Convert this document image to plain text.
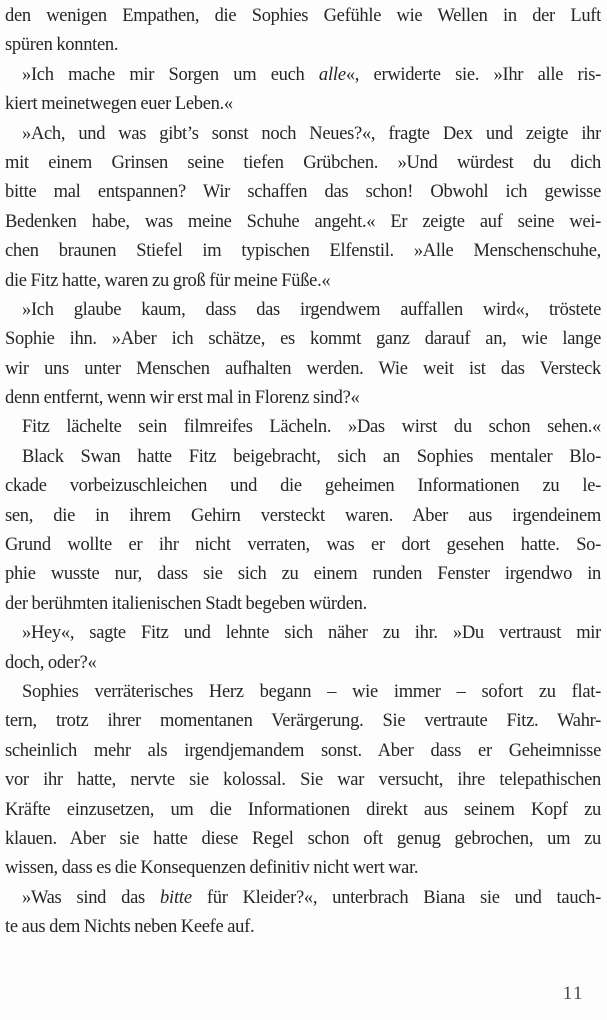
den wenigen Empathen, die Sophies Gefühle wie Wellen in der Luft
spüren konnten.
»Ich mache mir Sorgen um euch alle«, erwiderte sie. »Ihr alle ris-
kiert meinetwegen euer Leben.«
»Ach, und was gibt’s sonst noch Neues?«, fragte Dex und zeigte ihr
mit einem Grinsen seine tiefen Grübchen. »Und würdest du dich
bitte mal entspannen? Wir schaffen das schon! Obwohl ich gewisse
Bedenken habe, was meine Schuhe angeht.« Er zeigte auf seine wei-
chen braunen Stiefel im typischen Elfenstil. »Alle Menschenschuhe,
die Fitz hatte, waren zu groß für meine Füße.«
»Ich glaube kaum, dass das irgendwem auffallen wird«, tröstete
Sophie ihn. »Aber ich schätze, es kommt ganz darauf an, wie lange
wir uns unter Menschen aufhalten werden. Wie weit ist das Versteck
denn entfernt, wenn wir erst mal in Florenz sind?«
Fitz lächelte sein filmreifes Lächeln. »Das wirst du schon sehen.«
Black Swan hatte Fitz beigebracht, sich an Sophies mentaler Blo-
ckade vorbeizuschleichen und die geheimen Informationen zu le-
sen, die in ihrem Gehirn versteckt waren. Aber aus irgendeinem
Grund wollte er ihr nicht verraten, was er dort gesehen hatte. So-
phie wusste nur, dass sie sich zu einem runden Fenster irgendwo in
der berühmten italienischen Stadt begeben würden.
»Hey«, sagte Fitz und lehnte sich näher zu ihr. »Du vertraust mir
doch, oder?«
Sophies verräterisches Herz begann – wie immer – sofort zu flat-
tern, trotz ihrer momentanen Verärgerung. Sie vertraute Fitz. Wahr-
scheinlich mehr als irgendjemandem sonst. Aber dass er Geheimnisse
vor ihr hatte, nervte sie kolossal. Sie war versucht, ihre telepathischen
Kräfte einzusetzen, um die Informationen direkt aus seinem Kopf zu
klauen. Aber sie hatte diese Regel schon oft genug gebrochen, um zu
wissen, dass es die Konsequenzen definitiv nicht wert war.
»Was sind das bitte für Kleider?«, unterbrach Biana sie und tauch-
te aus dem Nichts neben Keefe auf.
11
